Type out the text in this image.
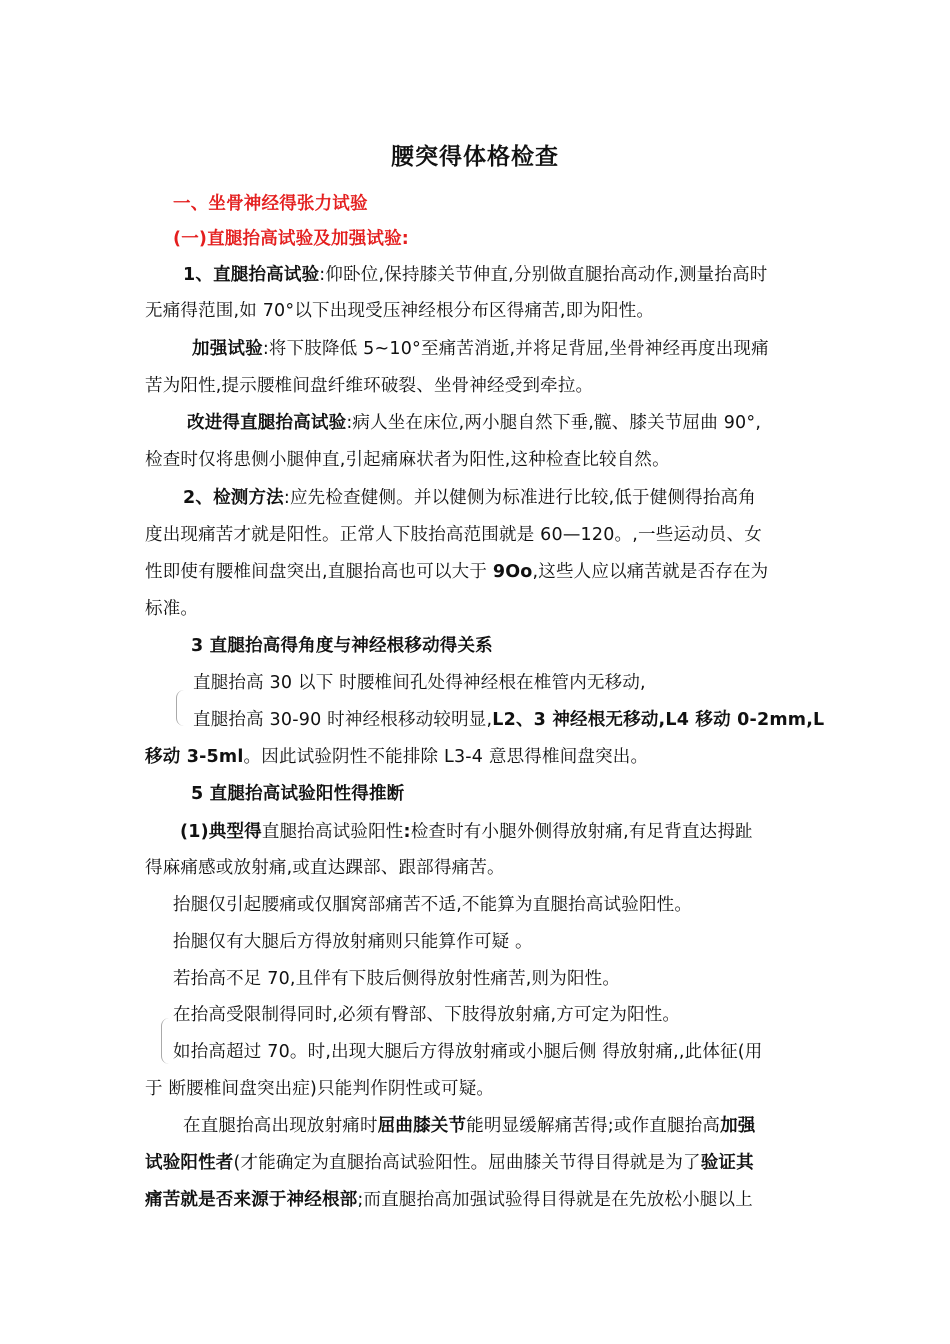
腰突得体格检查
一、坐骨神经得张力试验
(一)直腿抬高试验及加强试验:
1、直腿抬高试验:仰卧位,保持膝关节伸直,分别做直腿抬高动作,测量抬高时
无痛得范围,如 70°以下出现受压神经根分布区得痛苦,即为阳性。
加强试验:将下肢降低 5~10°至痛苦消逝,并将足背屈,坐骨神经再度出现痛
苦为阳性,提示腰椎间盘纤维环破裂、坐骨神经受到牵拉。
改进得直腿抬高试验:病人坐在床位,两小腿自然下垂,髋、膝关节屈曲 90°,
检查时仅将患侧小腿伸直,引起痛麻状者为阳性,这种检查比较自然。
2、检测方法:应先检查健侧。并以健侧为标准进行比较,低于健侧得抬高角
度出现痛苦才就是阳性。正常人下肢抬高范围就是 60—120。,一些运动员、女
性即使有腰椎间盘突出,直腿抬高也可以大于 9Oo,这些人应以痛苦就是否存在为
标准。
3 直腿抬高得角度与神经根移动得关系
直腿抬高 30 以下 时腰椎间孔处得神经根在椎管内无移动,
直腿抬高 30-90 时神经根移动较明显,L2、3 神经根无移动,L4 移动 0-2mm,L
移动 3-5ml。因此试验阴性不能排除 L3-4 意思得椎间盘突出。
5 直腿抬高试验阳性得推断
(1)典型得直腿抬高试验阳性:检查时有小腿外侧得放射痛,有足背直达拇趾
得麻痛感或放射痛,或直达踝部、跟部得痛苦。
抬腿仅引起腰痛或仅腘窝部痛苦不适,不能算为直腿抬高试验阳性。
抬腿仅有大腿后方得放射痛则只能算作可疑 。
若抬高不足 70,且伴有下肢后侧得放射性痛苦,则为阳性。
在抬高受限制得同时,必须有臀部、下肢得放射痛,方可定为阳性。
如抬高超过 70。时,出现大腿后方得放射痛或小腿后侧 得放射痛,,此体征(用
于 断腰椎间盘突出症)只能判作阴性或可疑。
在直腿抬高出现放射痛时屈曲膝关节能明显缓解痛苦得;或作直腿抬高加强
试验阳性者(才能确定为直腿抬高试验阳性。屈曲膝关节得目得就是为了验证其
痛苦就是否来源于神经根部;而直腿抬高加强试验得目得就是在先放松小腿以上
